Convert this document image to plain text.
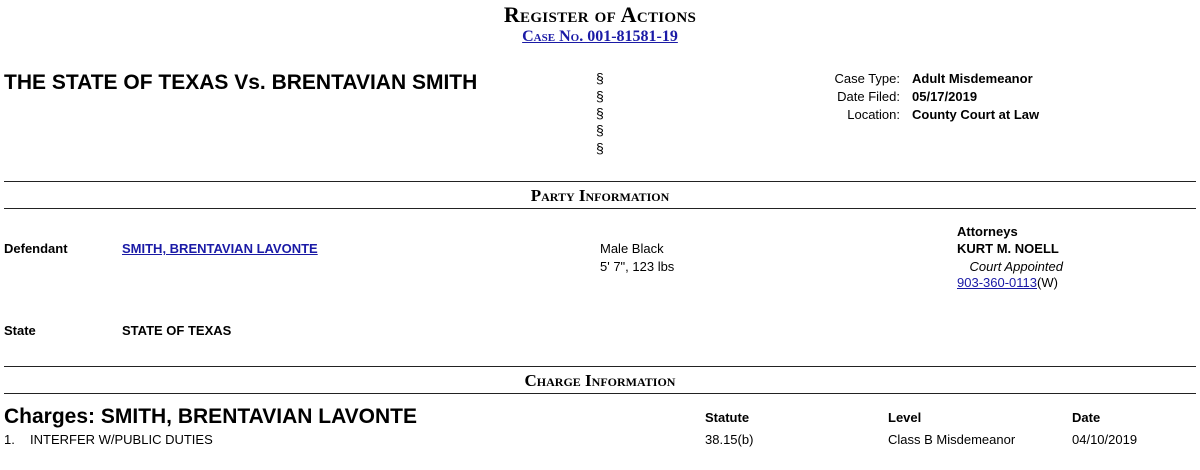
Register of Actions
Case No. 001-81581-19
THE STATE OF TEXAS Vs. BRENTAVIAN SMITH	§
§
§
§
§
Case Type: Adult Misdemeanor
Date Filed: 05/17/2019
Location: County Court at Law
Party Information
Attorneys
Defendant	SMITH, BRENTAVIAN LAVONTE	Male Black
5' 7", 123 lbs
KURT M. NOELL
Court Appointed
903-360-0113(W)
State	STATE OF TEXAS
Charge Information
Charges: SMITH, BRENTAVIAN LAVONTE	Statute	Level	Date
1. INTERFER W/PUBLIC DUTIES	38.15(b)	Class B Misdemeanor	04/10/2019
